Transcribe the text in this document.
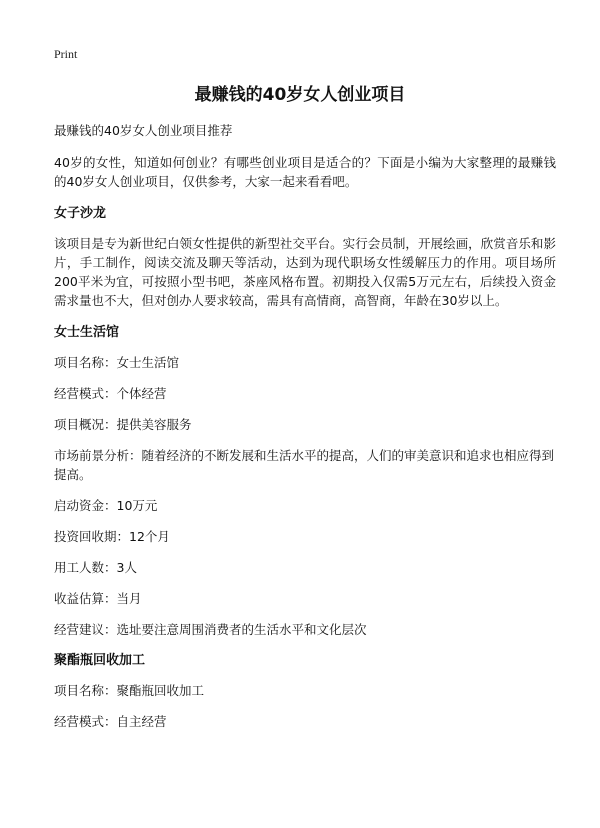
Print
最赚钱的40岁女人创业项目

最赚钱的40岁女人创业项目推荐

40岁的女性，知道如何创业？有哪些创业项目是适合的？下面是小编为大家整理的最赚钱的40岁女人创业项目，仅供参考，大家一起来看看吧。

女子沙龙

该项目是专为新世纪白领女性提供的新型社交平台。实行会员制，开展绘画，欣赏音乐和影片，手工制作，阅读交流及聊天等活动，达到为现代职场女性缓解压力的作用。项目场所200平米为宜，可按照小型书吧，茶座风格布置。初期投入仅需5万元左右，后续投入资金需求量也不大，但对创办人要求较高，需具有高情商，高智商，年龄在30岁以上。

女士生活馆
项目名称：女士生活馆
经营模式：个体经营
项目概况：提供美容服务
市场前景分析：随着经济的不断发展和生活水平的提高，人们的审美意识和追求也相应得到提高。
启动资金：10万元
投资回收期：12个月
用工人数：3人
收益估算：当月
经营建议：选址要注意周围消费者的生活水平和文化层次
聚酯瓶回收加工
项目名称：聚酯瓶回收加工
经营模式：自主经营
